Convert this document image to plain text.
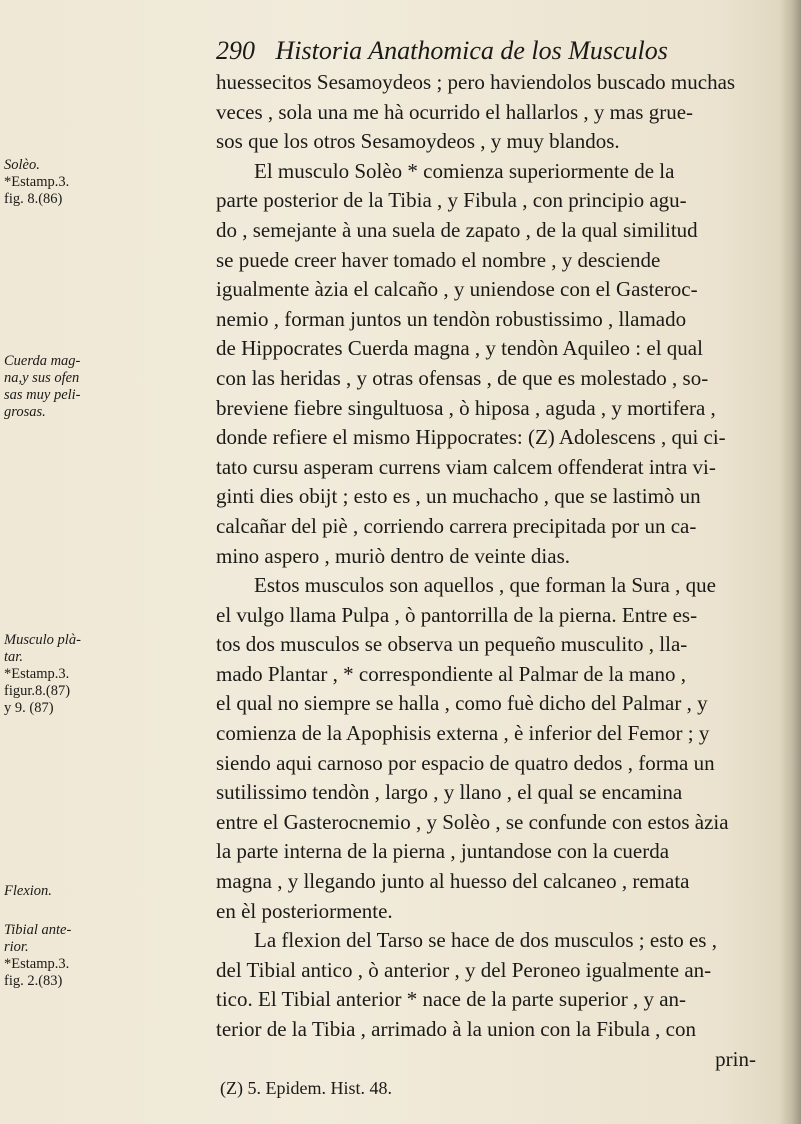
290 Historia Anathomica de los Musculos
Solèo.
*Estamp.3.
fig. 8.(86)
Cuerda mag-
na,y sus ofen
sas muy peli-
grosas.
Musculo plà-
tar.
*Estamp.3.
figur.8.(87)
y 9. (87)
Flexion.
Tibial ante-
rior.
*Estamp.3.
fig. 2.(83)
huessecitos Sesamoydeos ; pero haviendolos buscado muchas
veces , sola una me hà ocurrido el hallarlos , y mas grue-
sos que los otros Sesamoydeos , y muy blandos.
El musculo Solèo * comienza superiormente de la
parte posterior de la Tibia , y Fibula , con principio agu-
do , semejante à una suela de zapato , de la qual similitud
se puede creer haver tomado el nombre , y desciende
igualmente àzia el calcaño , y uniendose con el Gasteroc-
nemio , forman juntos un tendòn robustissimo , llamado
de Hippocrates Cuerda magna , y tendòn Aquileo : el qual
con las heridas , y otras ofensas , de que es molestado , so-
breviene fiebre singultuosa , ò hiposa , aguda , y mortifera ,
donde refiere el mismo Hippocrates: (Z) Adolescens , qui ci-
tato cursu asperam currens viam calcem offenderat intra vi-
ginti dies obijt ; esto es , un muchacho , que se lastimò un
calcañar del piè , corriendo carrera precipitada por un ca-
mino aspero , muriò dentro de veinte dias.
Estos musculos son aquellos , que forman la Sura , que
el vulgo llama Pulpa , ò pantorrilla de la pierna. Entre es-
tos dos musculos se observa un pequeño musculito , lla-
mado Plantar , * correspondiente al Palmar de la mano ,
el qual no siempre se halla , como fuè dicho del Palmar , y
comienza de la Apophisis externa , è inferior del Femor ; y
siendo aqui carnoso por espacio de quatro dedos , forma un
sutilissimo tendòn , largo , y llano , el qual se encamina
entre el Gasterocnemio , y Solèo , se confunde con estos àzia
la parte interna de la pierna , juntandose con la cuerda
magna , y llegando junto al huesso del calcaneo , remata
en èl posteriormente.
La flexion del Tarso se hace de dos musculos ; esto es ,
del Tibial antico , ò anterior , y del Peroneo igualmente an-
tico. El Tibial anterior * nace de la parte superior , y an-
terior de la Tibia , arrimado à la union con la Fibula , con
prin-
(Z) 5. Epidem. Hist. 48.
